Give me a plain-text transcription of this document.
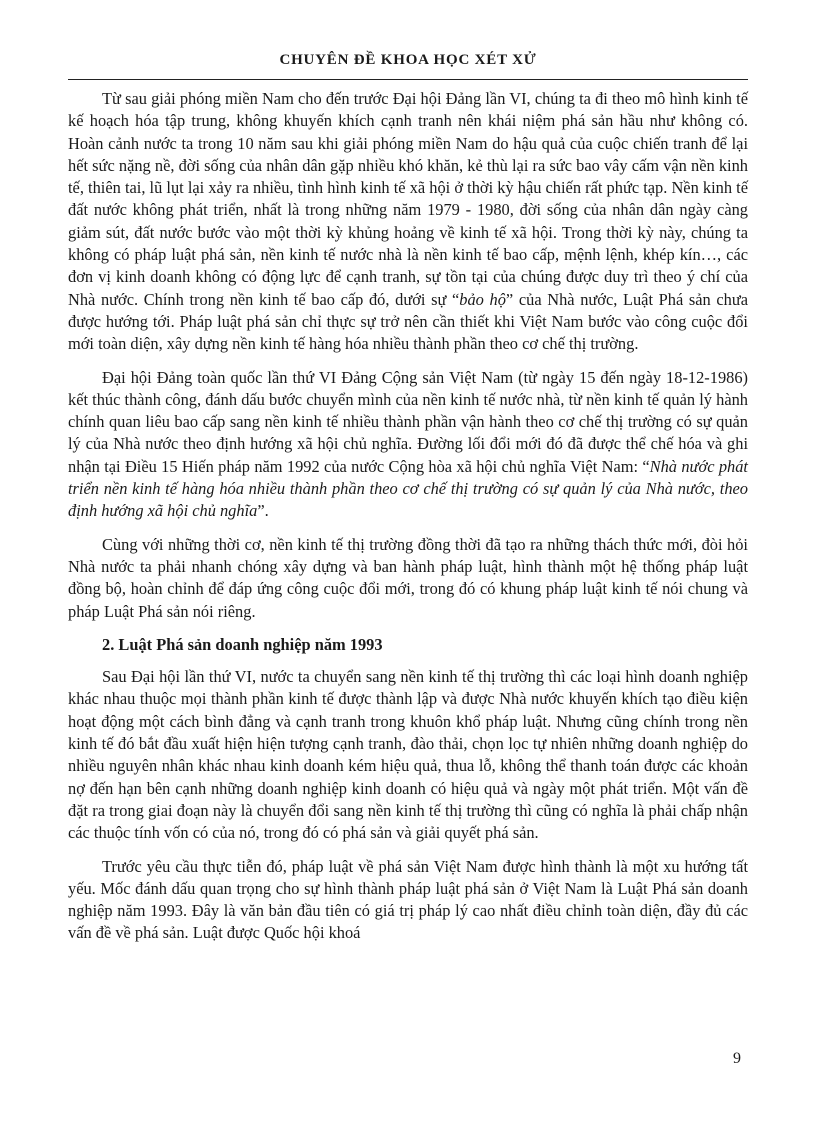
CHUYÊN ĐỀ KHOA HỌC XÉT XỬ

Từ sau giải phóng miền Nam cho đến trước Đại hội Đảng lần VI, chúng ta đi theo mô hình kinh tế kế hoạch hóa tập trung, không khuyến khích cạnh tranh nên khái niệm phá sản hầu như không có. Hoàn cảnh nước ta trong 10 năm sau khi giải phóng miền Nam do hậu quả của cuộc chiến tranh để lại hết sức nặng nề, đời sống của nhân dân gặp nhiều khó khăn, kẻ thù lại ra sức bao vây cấm vận nền kinh tế, thiên tai, lũ lụt lại xảy ra nhiều, tình hình kinh tế xã hội ở thời kỳ hậu chiến rất phức tạp. Nền kinh tế đất nước không phát triển, nhất là trong những năm 1979 - 1980, đời sống của nhân dân ngày càng giảm sút, đất nước bước vào một thời kỳ khủng hoảng về kinh tế xã hội. Trong thời kỳ này, chúng ta không có pháp luật phá sản, nền kinh tế nước nhà là nền kinh tế bao cấp, mệnh lệnh, khép kín…, các đơn vị kinh doanh không có động lực để cạnh tranh, sự tồn tại của chúng được duy trì theo ý chí của Nhà nước. Chính trong nền kinh tế bao cấp đó, dưới sự “bảo hộ” của Nhà nước, Luật Phá sản chưa được hướng tới. Pháp luật phá sản chỉ thực sự trở nên cần thiết khi Việt Nam bước vào công cuộc đổi mới toàn diện, xây dựng nền kinh tế hàng hóa nhiều thành phần theo cơ chế thị trường.

Đại hội Đảng toàn quốc lần thứ VI Đảng Cộng sản Việt Nam (từ ngày 15 đến ngày 18-12-1986) kết thúc thành công, đánh dấu bước chuyển mình của nền kinh tế nước nhà, từ nền kinh tế quản lý hành chính quan liêu bao cấp sang nền kinh tế nhiều thành phần vận hành theo cơ chế thị trường có sự quản lý của Nhà nước theo định hướng xã hội chủ nghĩa. Đường lối đổi mới đó đã được thể chế hóa và ghi nhận tại Điều 15 Hiến pháp năm 1992 của nước Cộng hòa xã hội chủ nghĩa Việt Nam: “Nhà nước phát triển nền kinh tế hàng hóa nhiều thành phần theo cơ chế thị trường có sự quản lý của Nhà nước, theo định hướng xã hội chủ nghĩa”.

Cùng với những thời cơ, nền kinh tế thị trường đồng thời đã tạo ra những thách thức mới, đòi hỏi Nhà nước ta phải nhanh chóng xây dựng và ban hành pháp luật, hình thành một hệ thống pháp luật đồng bộ, hoàn chỉnh để đáp ứng công cuộc đổi mới, trong đó có khung pháp luật kinh tế nói chung và pháp Luật Phá sản nói riêng.

2. Luật Phá sản doanh nghiệp năm 1993

Sau Đại hội lần thứ VI, nước ta chuyển sang nền kinh tế thị trường thì các loại hình doanh nghiệp khác nhau thuộc mọi thành phần kinh tế được thành lập và được Nhà nước khuyến khích tạo điều kiện hoạt động một cách bình đẳng và cạnh tranh trong khuôn khổ pháp luật. Nhưng cũng chính trong nền kinh tế đó bắt đầu xuất hiện hiện tượng cạnh tranh, đào thải, chọn lọc tự nhiên những doanh nghiệp do nhiều nguyên nhân khác nhau kinh doanh kém hiệu quả, thua lỗ, không thể thanh toán được các khoản nợ đến hạn bên cạnh những doanh nghiệp kinh doanh có hiệu quả và ngày một phát triển. Một vấn đề đặt ra trong giai đoạn này là chuyển đổi sang nền kinh tế thị trường thì cũng có nghĩa là phải chấp nhận các thuộc tính vốn có của nó, trong đó có phá sản và giải quyết phá sản.

Trước yêu cầu thực tiễn đó, pháp luật về phá sản Việt Nam được hình thành là một xu hướng tất yếu. Mốc đánh dấu quan trọng cho sự hình thành pháp luật phá sản ở Việt Nam là Luật Phá sản doanh nghiệp năm 1993. Đây là văn bản đầu tiên có giá trị pháp lý cao nhất điều chỉnh toàn diện, đầy đủ các vấn đề về phá sản. Luật được Quốc hội khoá

9
